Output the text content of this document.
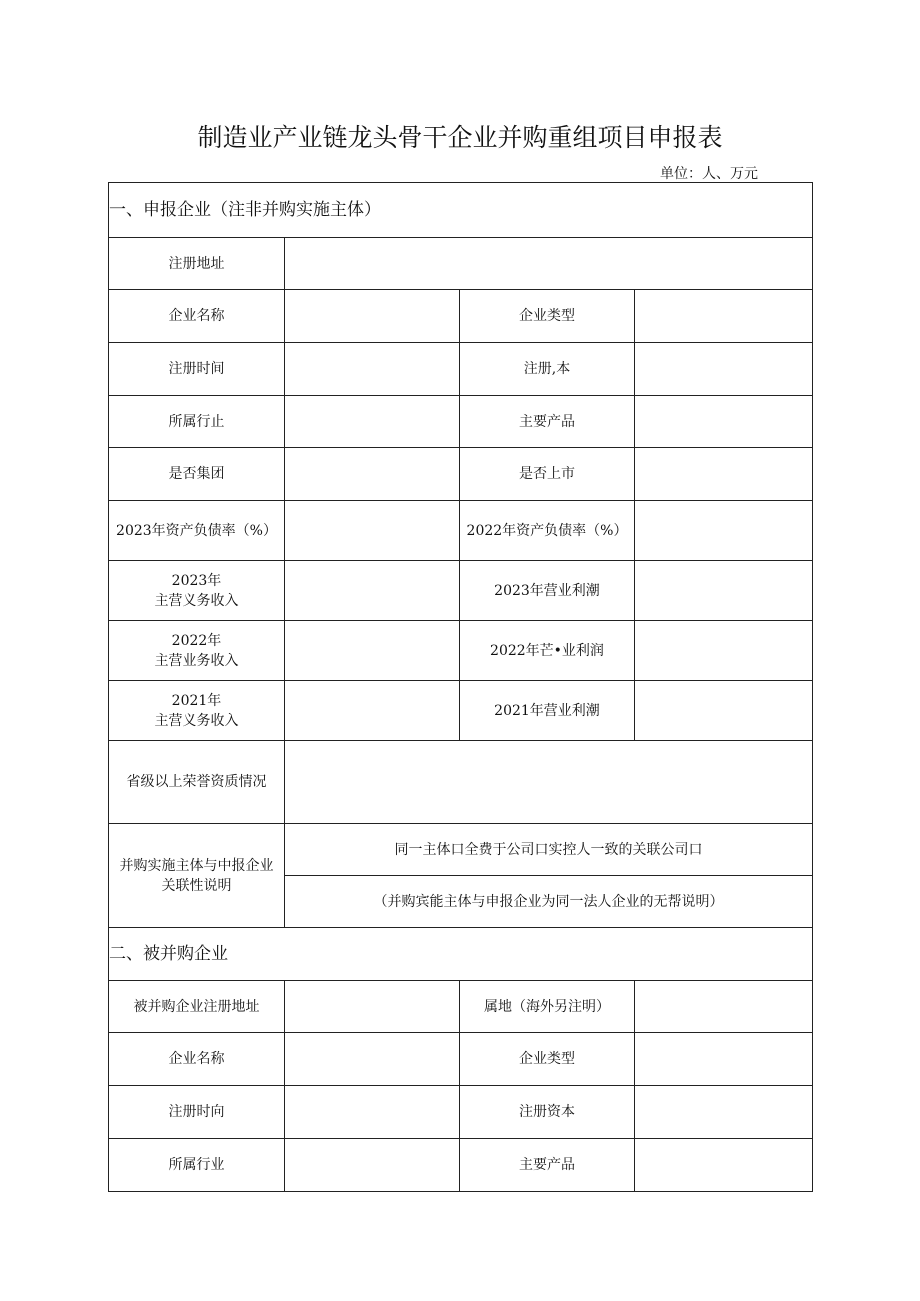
制造业产业链龙头骨干企业并购重组项目申报表
单位：人、万元
一、申报企业（注非并购实施主体）			
注册地址			
企业名称		企业类型	
注册时间		注册,本	
所属行止		主要产品	
是否集团		是否上市	
2023年资产负债率（%）		2022年资产负债率（%）	

2023年
主营义务收入		2023年营业利潮	

2022年
主营业务收入		2022年芒•业利润	

2021年
主营义务收入		2021年营业利潮	
省级以上荣誉资质情况			

并购实施主体与中报企业
关联性说明	同一主体口全费于公司口实控人一致的关联公司口		
	（并购宾能主体与申报企业为同一法人企业的无帮说明）		
二、被并购企业			
被并购企业注册地址		属地（海外另注明）	
企业名称		企业类型	
注册时向		注册资本	
所属行业		主要产品	
